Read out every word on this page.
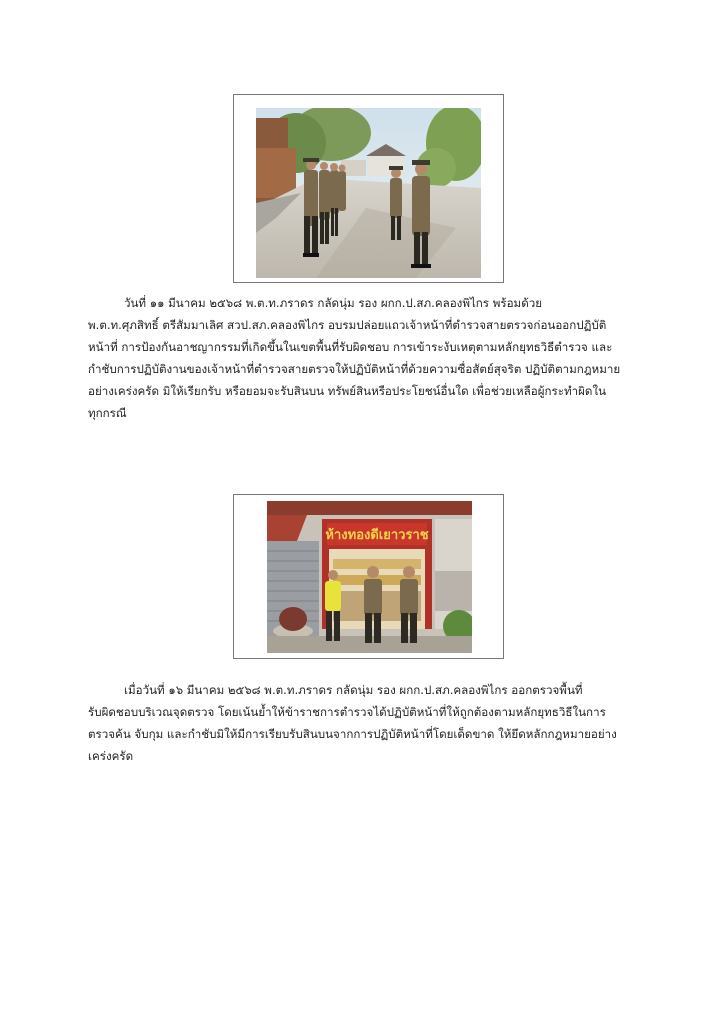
วันที่ ๑๑ มีนาคม ๒๕๖๘ พ.ต.ท.ภราดร กลัดนุ่ม รอง ผกก.ป.สภ.คลองพิไกร พร้อมด้วย
พ.ต.ท.ศุภสิทธิ์ ตรีสัมมาเลิศ สวป.สภ.คลองพิไกร อบรมปล่อยแถวเจ้าหน้าที่ตำรวจสายตรวจก่อนออกปฏิบัติ
หน้าที่ การป้องกันอาชญากรรมที่เกิดขึ้นในเขตพื้นที่รับผิดชอบ การเข้าระงับเหตุตามหลักยุทธวิธีตำรวจ และ
กำชับการปฏิบัติงานของเจ้าหน้าที่ตำรวจสายตรวจให้ปฏิบัติหน้าที่ด้วยความซื่อสัตย์สุจริต ปฏิบัติตามกฎหมาย
อย่างเคร่งครัด มิให้เรียกรับ หรือยอมจะรับสินบน ทรัพย์สินหรือประโยชน์อื่นใด เพื่อช่วยเหลือผู้กระทำผิดใน
ทุกกรณี

ห้างทองดีเยาวราช

เมื่อวันที่ ๑๖ มีนาคม ๒๕๖๘ พ.ต.ท.ภราดร กลัดนุ่ม รอง ผกก.ป.สภ.คลองพิไกร ออกตรวจพื้นที่
รับผิดชอบบริเวณจุดตรวจ โดยเน้นย้ำให้ข้าราชการตำรวจได้ปฏิบัติหน้าที่ให้ถูกต้องตามหลักยุทธวิธีในการ
ตรวจค้น จับกุม และกำชับมิให้มีการเรียบรับสินบนจากการปฏิบัติหน้าที่โดยเด็ดขาด ให้ยึดหลักกฎหมายอย่าง
เคร่งครัด
